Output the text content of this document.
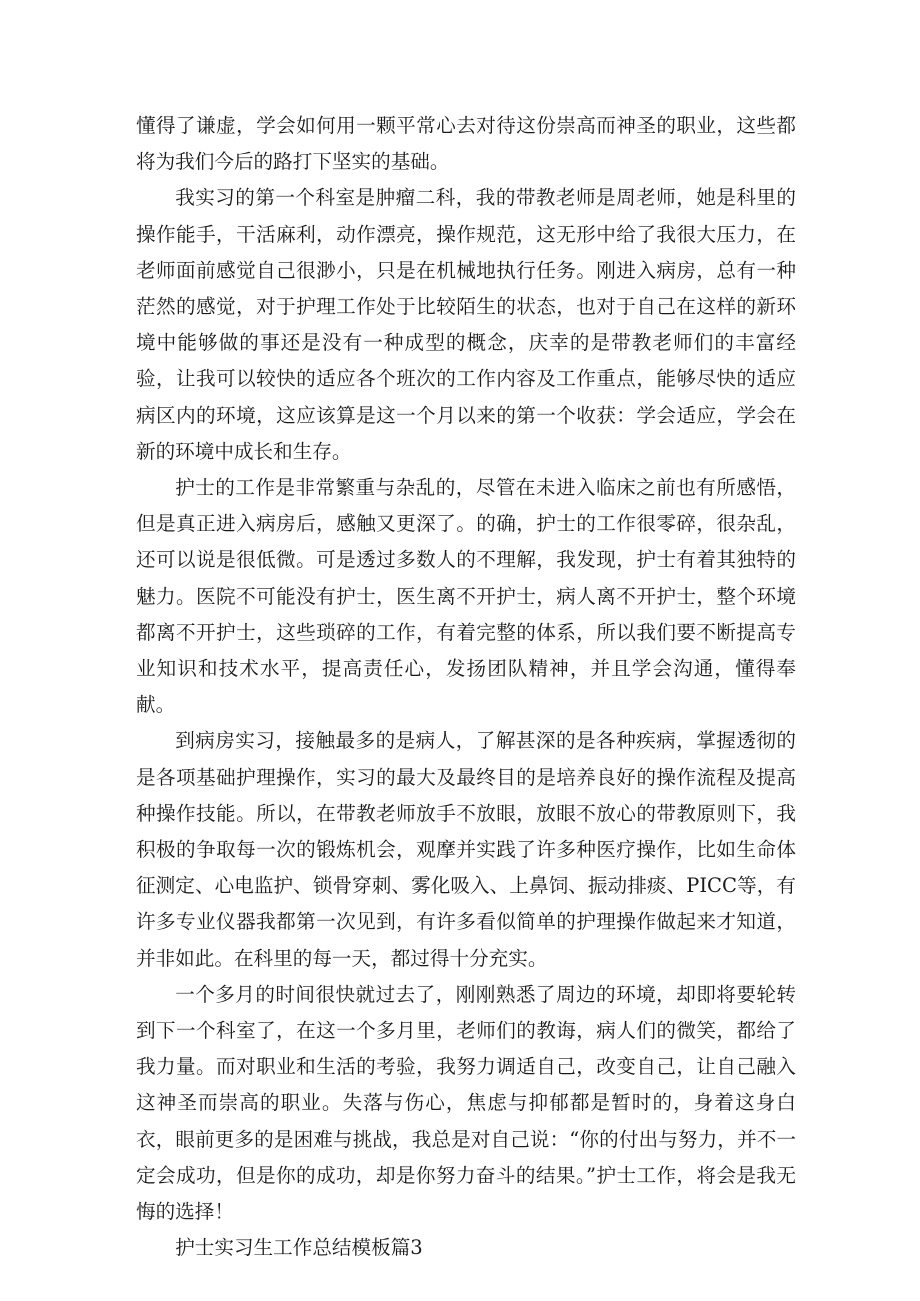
懂得了谦虚，学会如何用一颗平常心去对待这份崇高而神圣的职业，这些都将为我们今后的路打下坚实的基础。

我实习的第一个科室是肿瘤二科，我的带教老师是周老师，她是科里的操作能手，干活麻利，动作漂亮，操作规范，这无形中给了我很大压力，在老师面前感觉自己很渺小，只是在机械地执行任务。刚进入病房，总有一种茫然的感觉，对于护理工作处于比较陌生的状态，也对于自己在这样的新环境中能够做的事还是没有一种成型的概念，庆幸的是带教老师们的丰富经验，让我可以较快的适应各个班次的工作内容及工作重点，能够尽快的适应病区内的环境，这应该算是这一个月以来的第一个收获：学会适应，学会在新的环境中成长和生存。

护士的工作是非常繁重与杂乱的，尽管在未进入临床之前也有所感悟，但是真正进入病房后，感触又更深了。的确，护士的工作很零碎，很杂乱，还可以说是很低微。可是透过多数人的不理解，我发现，护士有着其独特的魅力。医院不可能没有护士，医生离不开护士，病人离不开护士，整个环境都离不开护士，这些琐碎的工作，有着完整的体系，所以我们要不断提高专业知识和技术水平，提高责任心，发扬团队精神，并且学会沟通，懂得奉献。

到病房实习，接触最多的是病人，了解甚深的是各种疾病，掌握透彻的是各项基础护理操作，实习的最大及最终目的是培养良好的操作流程及提高种操作技能。所以，在带教老师放手不放眼，放眼不放心的带教原则下，我积极的争取每一次的锻炼机会，观摩并实践了许多种医疗操作，比如生命体征测定、心电监护、锁骨穿刺、雾化吸入、上鼻饲、振动排痰、PICC等，有许多专业仪器我都第一次见到，有许多看似简单的护理操作做起来才知道，并非如此。在科里的每一天，都过得十分充实。

一个多月的时间很快就过去了，刚刚熟悉了周边的环境，却即将要轮转到下一个科室了，在这一个多月里，老师们的教诲，病人们的微笑，都给了我力量。而对职业和生活的考验，我努力调适自己，改变自己，让自己融入这神圣而崇高的职业。失落与伤心，焦虑与抑郁都是暂时的，身着这身白衣，眼前更多的是困难与挑战，我总是对自己说：“你的付出与努力，并不一定会成功，但是你的成功，却是你努力奋斗的结果。”护士工作，将会是我无悔的选择！

护士实习生工作总结模板篇3
